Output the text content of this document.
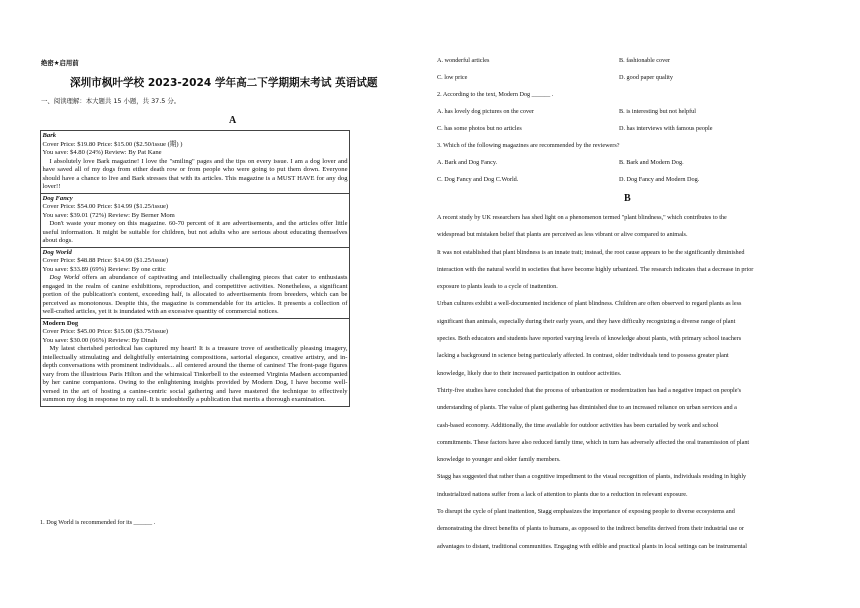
绝密★启用前
深圳市枫叶学校 2023-2024 学年高二下学期期末考试 英语试题
一、阅读理解：本大题共 15 小题，共 37.5 分。
A
Bark
Cover Price: $19.80 Price: $15.00 ($2.50/issue (期) )
You save: $4.80 (24%) Review: By Pat Kane
I absolutely love Bark magazine! I love the "smiling" pages and the tips on every issue. I am a dog lover and have saved all of my dogs from either death row or from people who were going to put them down. Everyone should have a chance to live and Bark stresses that with its articles. This magazine is a MUST HAVE for any dog lover!!

Dog Fancy
Cover Price: $54.00 Price: $14.99 ($1.25/issue)
You save: $39.01 (72%) Review: By Berner Mom
Don't waste your money on this magazine. 60-70 percent of it are advertisements, and the articles offer little useful information. It might be suitable for children, but not adults who are serious about educating themselves about dogs.

Dog World
Cover Price: $48.88 Price: $14.99 ($1.25/issue)
You save: $33.89 (69%) Review: By one critic
Dog World offers an abundance of captivating and intellectually challenging pieces that cater to enthusiasts engaged in the realm of canine exhibitions, reproduction, and competitive activities. Nonetheless, a significant portion of the publication's content, exceeding half, is allocated to advertisements from breeders, which can be perceived as monotonous. Despite this, the magazine is commendable for its articles. It presents a collection of well-crafted articles, yet it is inundated with an excessive quantity of commercial notices.

Modern Dog
Cover Price: $45.00 Price: $15.00 ($3.75/issue)
You save: $30.00 (66%) Review: By Dinah
My latest cherished periodical has captured my heart! It is a treasure trove of aesthetically pleasing imagery, intellectually stimulating and delightfully entertaining compositions, sartorial elegance, creative artistry, and in-depth conversations with prominent individuals... all centered around the theme of canines! The front-page figures vary from the illustrious Paris Hilton and the whimsical Tinkerbell to the esteemed Virginia Madsen accompanied by her canine companions. Owing to the enlightening insights provided by Modern Dog, I have become well-versed in the art of hosting a canine-centric social gathering and have mastered the technique to effectively summon my dog in response to my call. It is undoubtedly a publication that merits a thorough examination.
1. Dog World is recommended for its ______ .
A. wonderful articles	B. fashionable cover
C. low price	D. good paper quality
2. According to the text, Modern Dog ______ .
A. has lovely dog pictures on the cover	B. is interesting but not helpful
C. has some photos but no articles	D. has interviews with famous people
3. Which of the following magazines are recommended by the reviewers?
A. Bark and Dog Fancy.	B. Bark and Modern Dog.
C. Dog Fancy and Dog C.World.	D. Dog Fancy and Modern Dog.
B
A recent study by UK researchers has shed light on a phenomenon termed "plant blindness," which contributes to the
widespread but mistaken belief that plants are perceived as less vibrant or alive compared to animals.
It was not established that plant blindness is an innate trait; instead, the root cause appears to be the significantly diminished
interaction with the natural world in societies that have become highly urbanized. The research indicates that a decrease in prior
exposure to plants leads to a cycle of inattention.
Urban cultures exhibit a well-documented incidence of plant blindness. Children are often observed to regard plants as less
significant than animals, especially during their early years, and they have difficulty recognizing a diverse range of plant
species. Both educators and students have reported varying levels of knowledge about plants, with primary school teachers
lacking a background in science being particularly affected. In contrast, older individuals tend to possess greater plant
knowledge, likely due to their increased participation in outdoor activities.
Thirty-five studies have concluded that the process of urbanization or modernization has had a negative impact on people's
understanding of plants. The value of plant gathering has diminished due to an increased reliance on urban services and a
cash-based economy. Additionally, the time available for outdoor activities has been curtailed by work and school
commitments. These factors have also reduced family time, which in turn has adversely affected the oral transmission of plant
knowledge to younger and older family members.
Stagg has suggested that rather than a cognitive impediment to the visual recognition of plants, individuals residing in highly
industrialized nations suffer from a lack of attention to plants due to a reduction in relevant exposure.
To disrupt the cycle of plant inattention, Stagg emphasizes the importance of exposing people to diverse ecosystems and
demonstrating the direct benefits of plants to humans, as opposed to the indirect benefits derived from their industrial use or
advantages to distant, traditional communities. Engaging with edible and practical plants in local settings can be instrumental
